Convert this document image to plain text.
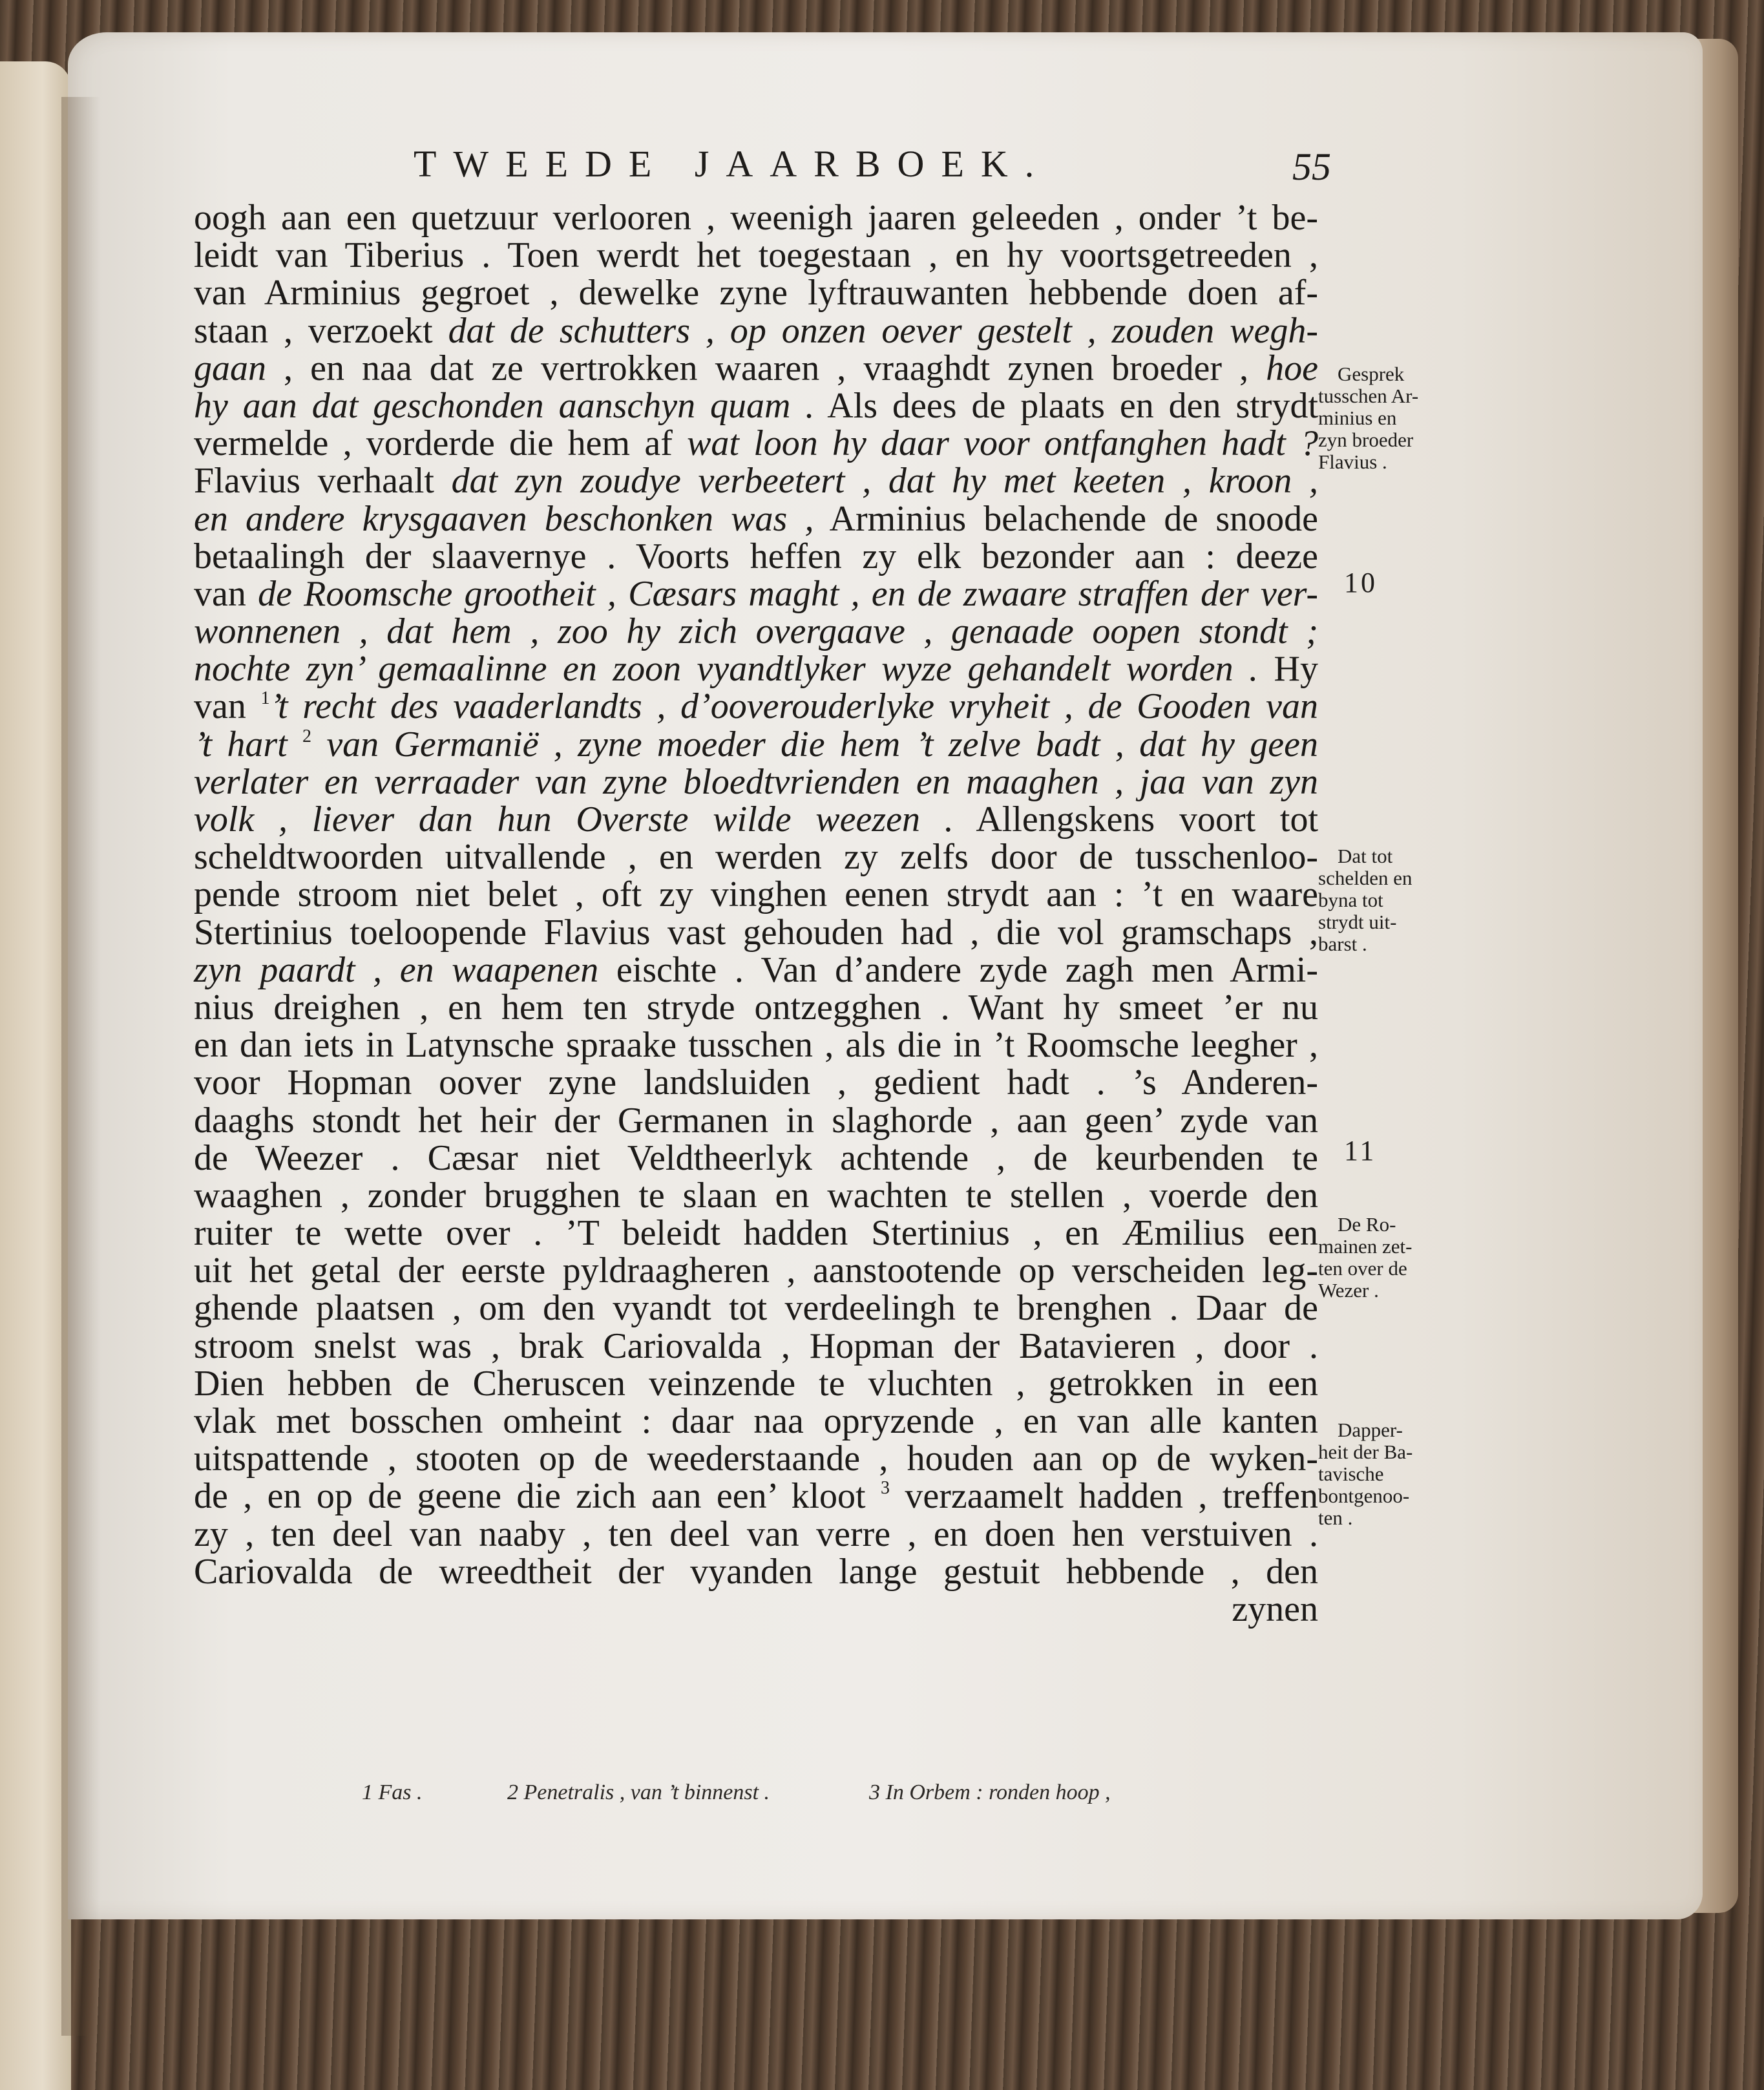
TWEEDE JAARBOEK.	55
oogh aan een quetzuur verlooren , weenigh jaaren geleeden , onder ’t be-
leidt van Tiberius . Toen werdt het toegestaan , en hy voortsgetreeden ,
van Arminius gegroet , dewelke zyne lyftrauwanten hebbende doen af-
staan , verzoekt dat de schutters , op onzen oever gestelt , zouden wegh-
gaan , en naa dat ze vertrokken waaren , vraaghdt zynen broeder , hoe
hy aan dat geschonden aanschyn quam . Als dees de plaats en den strydt
vermelde , vorderde die hem af wat loon hy daar voor ontfanghen hadt ?
Flavius verhaalt dat zyn zoudye verbeetert , dat hy met keeten , kroon ,
en andere krysgaaven beschonken was , Arminius belachende de snoode
betaalingh der slaavernye . Voorts heffen zy elk bezonder aan : deeze
van de Roomsche grootheit , Cæsars maght , en de zwaare straffen der ver-
wonnenen , dat hem , zoo hy zich overgaave , genaade oopen stondt ;
nochte zyn’ gemaalinne en zoon vyandtlyker wyze gehandelt worden . Hy
van $^1$’t recht des vaaderlandts , d’ooverouderlyke vryheit , de Gooden van
’t hart $^2$ van Germanië , zyne moeder die hem ’t zelve badt , dat hy geen
verlater en verraader van zyne bloedtvrienden en maaghen , jaa van zyn
volk , liever dan hun Overste wilde weezen . Allengskens voort tot
scheldtwoorden uitvallende , en werden zy zelfs door de tusschenloo-
pende stroom niet belet , oft zy vinghen eenen strydt aan : ’t en waare
Stertinius toeloopende Flavius vast gehouden had , die vol gramschaps ,
zyn paardt , en waapenen eischte . Van d’andere zyde zagh men Armi-
nius dreighen , en hem ten stryde ontzegghen . Want hy smeet ’er nu
en dan iets in Latynsche spraake tusschen , als die in ’t Roomsche leegher ,
voor Hopman oover zyne landsluiden , gedient hadt . ’s Anderen-
daaghs stondt het heir der Germanen in slaghorde , aan geen’ zyde van
de Weezer . Cæsar niet Veldtheerlyk achtende , de keurbenden te
waaghen , zonder brugghen te slaan en wachten te stellen , voerde den
ruiter te wette over . ’T beleidt hadden Stertinius , en Æmilius een
uit het getal der eerste pyldraagheren , aanstootende op verscheiden leg-
ghende plaatsen , om den vyandt tot verdeelingh te brenghen . Daar de
stroom snelst was , brak Cariovalda , Hopman der Batavieren , door .
Dien hebben de Cheruscen veinzende te vluchten , getrokken in een
vlak met bosschen omheint : daar naa opryzende , en van alle kanten
uitspattende , stooten op de weederstaande , houden aan op de wyken-
de , en op de geene die zich aan een’ kloot $^3$ verzaamelt hadden , treffen
zy , ten deel van naaby , ten deel van verre , en doen hen verstuiven .
Cariovalda de wreedtheit der vyanden lange gestuit hebbende , den
zynen
Gesprek
tusschen Ar-
minius en
zyn broeder
Flavius .
Dat tot
schelden en
byna tot
strydt uit-
barst .
De Ro-
mainen zet-
ten over de
Wezer .
Dapper-
heit der Ba-
tavische
bontgenoo-
ten .
10
11
1 Fas .	2 Penetralis , van ’t binnenst .	3 In Orbem : ronden hoop ,
